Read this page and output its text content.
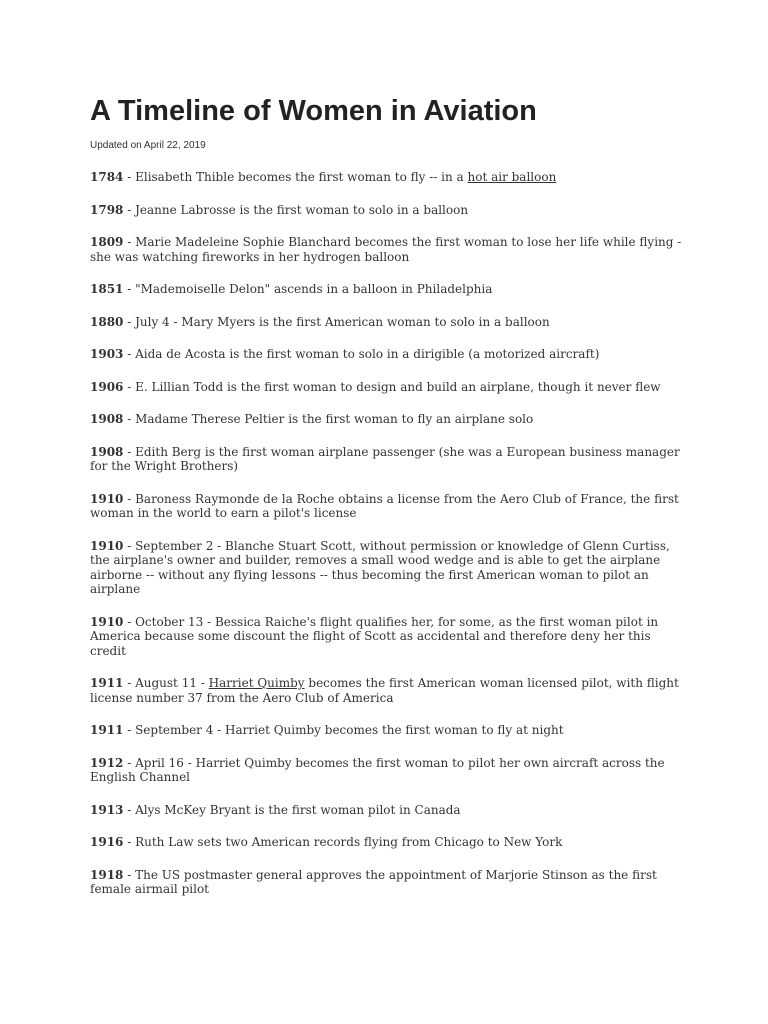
A Timeline of Women in Aviation
Updated on April 22, 2019
1784 - Elisabeth Thible becomes the first woman to fly -- in a hot air balloon
1798 - Jeanne Labrosse is the first woman to solo in a balloon
1809 - Marie Madeleine Sophie Blanchard becomes the first woman to lose her life while flying - she was watching fireworks in her hydrogen balloon
1851 - "Mademoiselle Delon" ascends in a balloon in Philadelphia
1880 - July 4 - Mary Myers is the first American woman to solo in a balloon
1903 - Aida de Acosta is the first woman to solo in a dirigible (a motorized aircraft)
1906 - E. Lillian Todd is the first woman to design and build an airplane, though it never flew
1908 - Madame Therese Peltier is the first woman to fly an airplane solo
1908 - Edith Berg is the first woman airplane passenger (she was a European business manager for the Wright Brothers)
1910 - Baroness Raymonde de la Roche obtains a license from the Aero Club of France, the first woman in the world to earn a pilot's license
1910 - September 2 - Blanche Stuart Scott, without permission or knowledge of Glenn Curtiss, the airplane's owner and builder, removes a small wood wedge and is able to get the airplane airborne -- without any flying lessons -- thus becoming the first American woman to pilot an airplane
1910 - October 13 - Bessica Raiche's flight qualifies her, for some, as the first woman pilot in America because some discount the flight of Scott as accidental and therefore deny her this credit
1911 - August 11 - Harriet Quimby becomes the first American woman licensed pilot, with flight license number 37 from the Aero Club of America
1911 - September 4 - Harriet Quimby becomes the first woman to fly at night
1912 - April 16 - Harriet Quimby becomes the first woman to pilot her own aircraft across the English Channel
1913 - Alys McKey Bryant is the first woman pilot in Canada
1916 - Ruth Law sets two American records flying from Chicago to New York
1918 - The US postmaster general approves the appointment of Marjorie Stinson as the first female airmail pilot
